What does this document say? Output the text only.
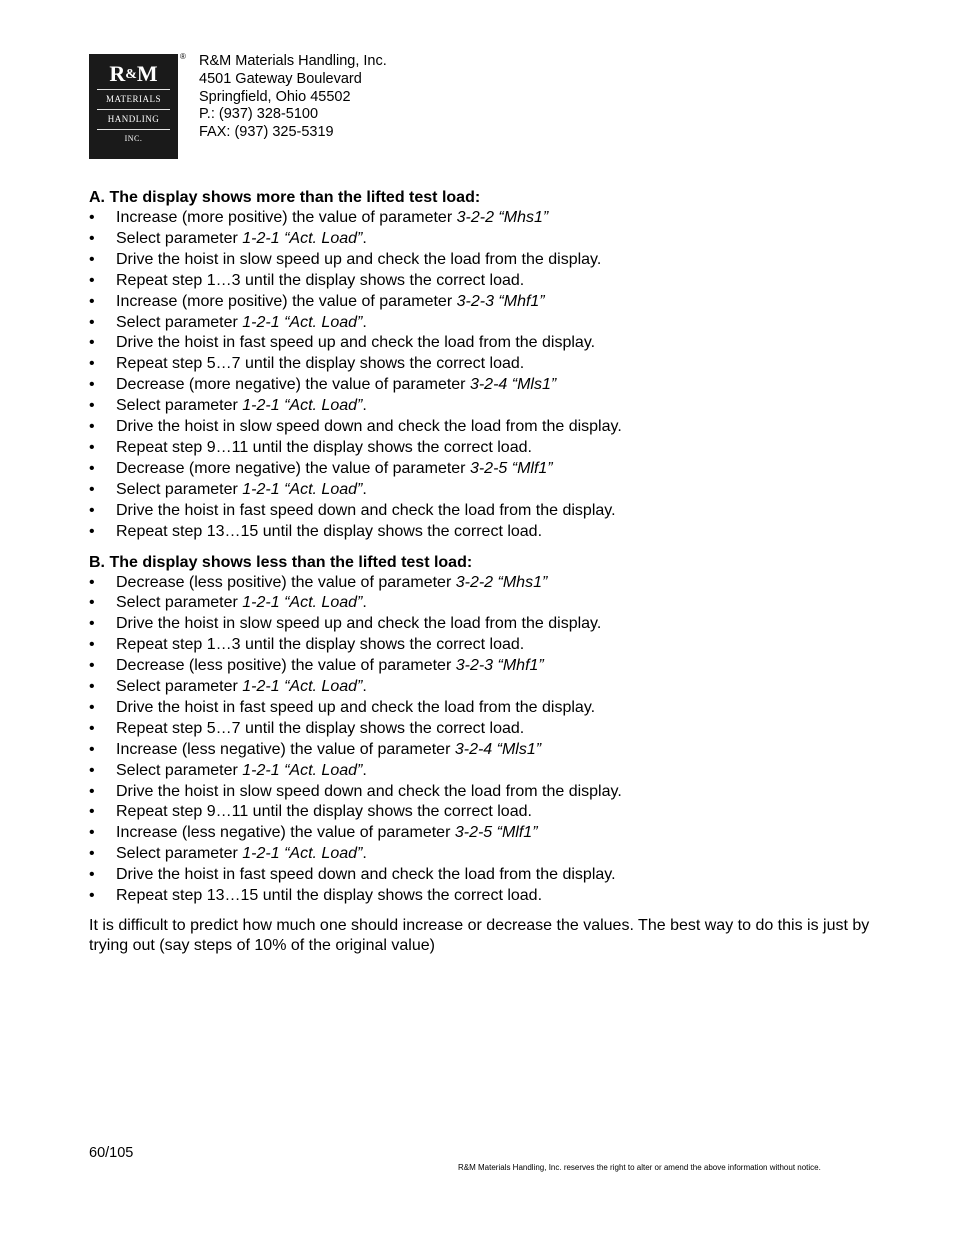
R&M
MATERIALS
HANDLING
INC.
® R&M Materials Handling, Inc.
4501 Gateway Boulevard
Springfield, Ohio 45502
P.: (937) 328-5100
FAX: (937) 325-5319
A. The display shows more than the lifted test load:
• Increase (more positive) the value of parameter 3-2-2 “Mhs1”
• Select parameter 1-2-1 “Act. Load”.
• Drive the hoist in slow speed up and check the load from the display.
• Repeat step 1…3 until the display shows the correct load.
• Increase (more positive) the value of parameter 3-2-3 “Mhf1”
• Select parameter 1-2-1 “Act. Load”.
• Drive the hoist in fast speed up and check the load from the display.
• Repeat step 5…7 until the display shows the correct load.
• Decrease (more negative) the value of parameter 3-2-4 “Mls1”
• Select parameter 1-2-1 “Act. Load”.
• Drive the hoist in slow speed down and check the load from the display.
• Repeat step 9…11 until the display shows the correct load.
• Decrease (more negative) the value of parameter 3-2-5 “Mlf1”
• Select parameter 1-2-1 “Act. Load”.
• Drive the hoist in fast speed down and check the load from the display.
• Repeat step 13…15 until the display shows the correct load.
B. The display shows less than the lifted test load:
• Decrease (less positive) the value of parameter 3-2-2 “Mhs1”
• Select parameter 1-2-1 “Act. Load”.
• Drive the hoist in slow speed up and check the load from the display.
• Repeat step 1…3 until the display shows the correct load.
• Decrease (less positive) the value of parameter 3-2-3 “Mhf1”
• Select parameter 1-2-1 “Act. Load”.
• Drive the hoist in fast speed up and check the load from the display.
• Repeat step 5…7 until the display shows the correct load.
• Increase (less negative) the value of parameter 3-2-4 “Mls1”
• Select parameter 1-2-1 “Act. Load”.
• Drive the hoist in slow speed down and check the load from the display.
• Repeat step 9…11 until the display shows the correct load.
• Increase (less negative) the value of parameter 3-2-5 “Mlf1”
• Select parameter 1-2-1 “Act. Load”.
• Drive the hoist in fast speed down and check the load from the display.
• Repeat step 13…15 until the display shows the correct load.
It is difficult to predict how much one should increase or decrease the values. The best way to do this is just by trying out (say steps of 10% of the original value)
60/105
R&M Materials Handling, Inc. reserves the right to alter or amend the above information without notice.
